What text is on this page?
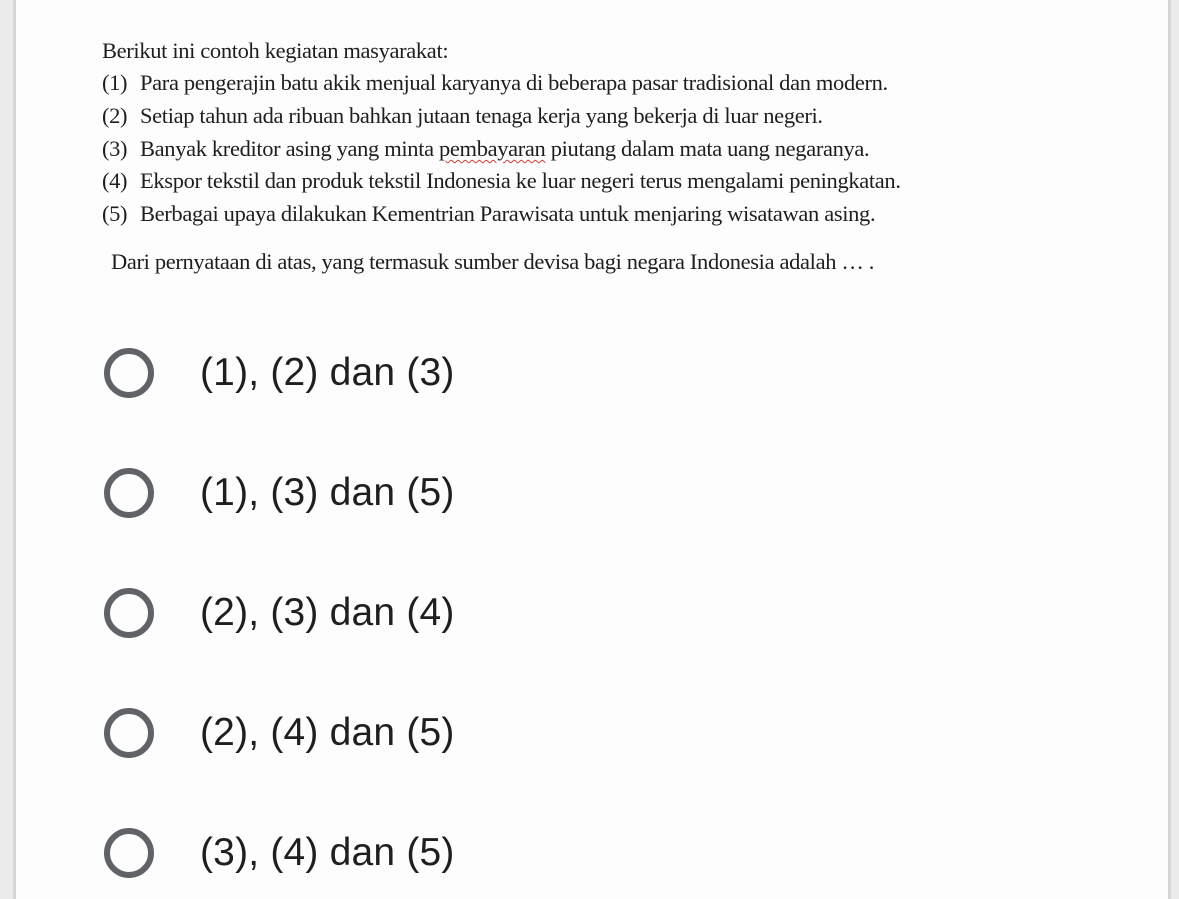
Berikut ini contoh kegiatan masyarakat:
(1) Para pengerajin batu akik menjual karyanya di beberapa pasar tradisional dan modern.
(2) Setiap tahun ada ribuan bahkan jutaan tenaga kerja yang bekerja di luar negeri.
(3) Banyak kreditor asing yang minta pembayaran piutang dalam mata uang negaranya.
(4) Ekspor tekstil dan produk tekstil Indonesia ke luar negeri terus mengalami peningkatan.
(5) Berbagai upaya dilakukan Kementrian Parawisata untuk menjaring wisatawan asing.
Dari pernyataan di atas, yang termasuk sumber devisa bagi negara Indonesia adalah … .
(1), (2) dan (3)
(1), (3) dan (5)
(2), (3) dan (4)
(2), (4) dan (5)
(3), (4) dan (5)
